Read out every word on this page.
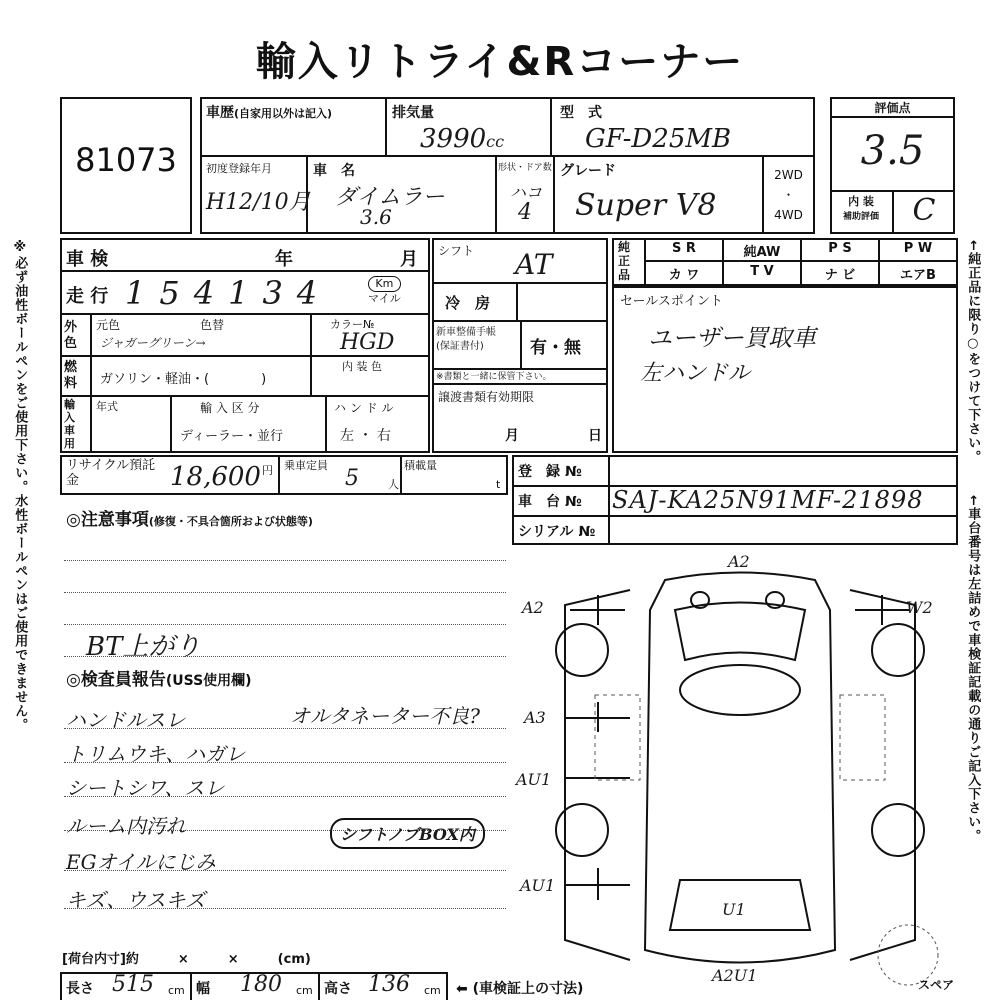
輸入リトライ&Rコーナー
※必ず油性ボールペンをご使用下さい。水性ボールペンはご使用できません。	←純正品に限り○をつけて下さい。
←車台番号は左詰めで車検証記載の通りご記入下さい。
81073
車歴(自家用以外は記入)	排気量
3990cc
型　式
GF-D25MB
初度登録年月
H12/10月
車　名
ダイムラー
3.6
形状・ドア数
ハコ
4
グレード
Super V8
2WD
・
4WD
評価点
3.5
内 装
補助評価	C
車 検	年	月
走 行 154134	Km
マイル
外色
元色	色替
ジャガーグリーン→
カラー№
HGD
燃料	ガソリン・軽油・(　　　　)
内 装 色
輸入車用
年式	輸 入 区 分
ディーラー・並行
ハ ン ド ル
左 ・ 右
シフト AT
冷　房
新車整備手帳
(保証書付)	有・無
※書類と一緒に保管下さい。
譲渡書類有効期限
月	日
純正品
S R	純AW	P S	P W
カ ワ	T V	ナ ビ	エアB
セールスポイント
ユーザー買取車
左ハンドル
リサイクル預託金	18,600 円 乗車定員
5	人
積載量
t
登　録 №
車　台 № SAJ-KA25N91MF-21898
シリアル №
◎注意事項(修復・不具合箇所および状態等)
BT上がり
◎検査員報告(USS使用欄)
ハンドルスレ	オルタネーター不良?
トリムウキ、ハガレ
シートシワ、スレ
ルーム内汚れ	シフトノブBOX内
EGオイルにじみ
キズ、ウスキズ
[荷台内寸]約　　　×　　　×　　　(cm)
長さ 515 cm 幅 180 cm 高さ 136 cm ⬅ (車検証上の寸法)
A2
A2	W2
A3
AU1
AU1
U1
A2U1	スペア
